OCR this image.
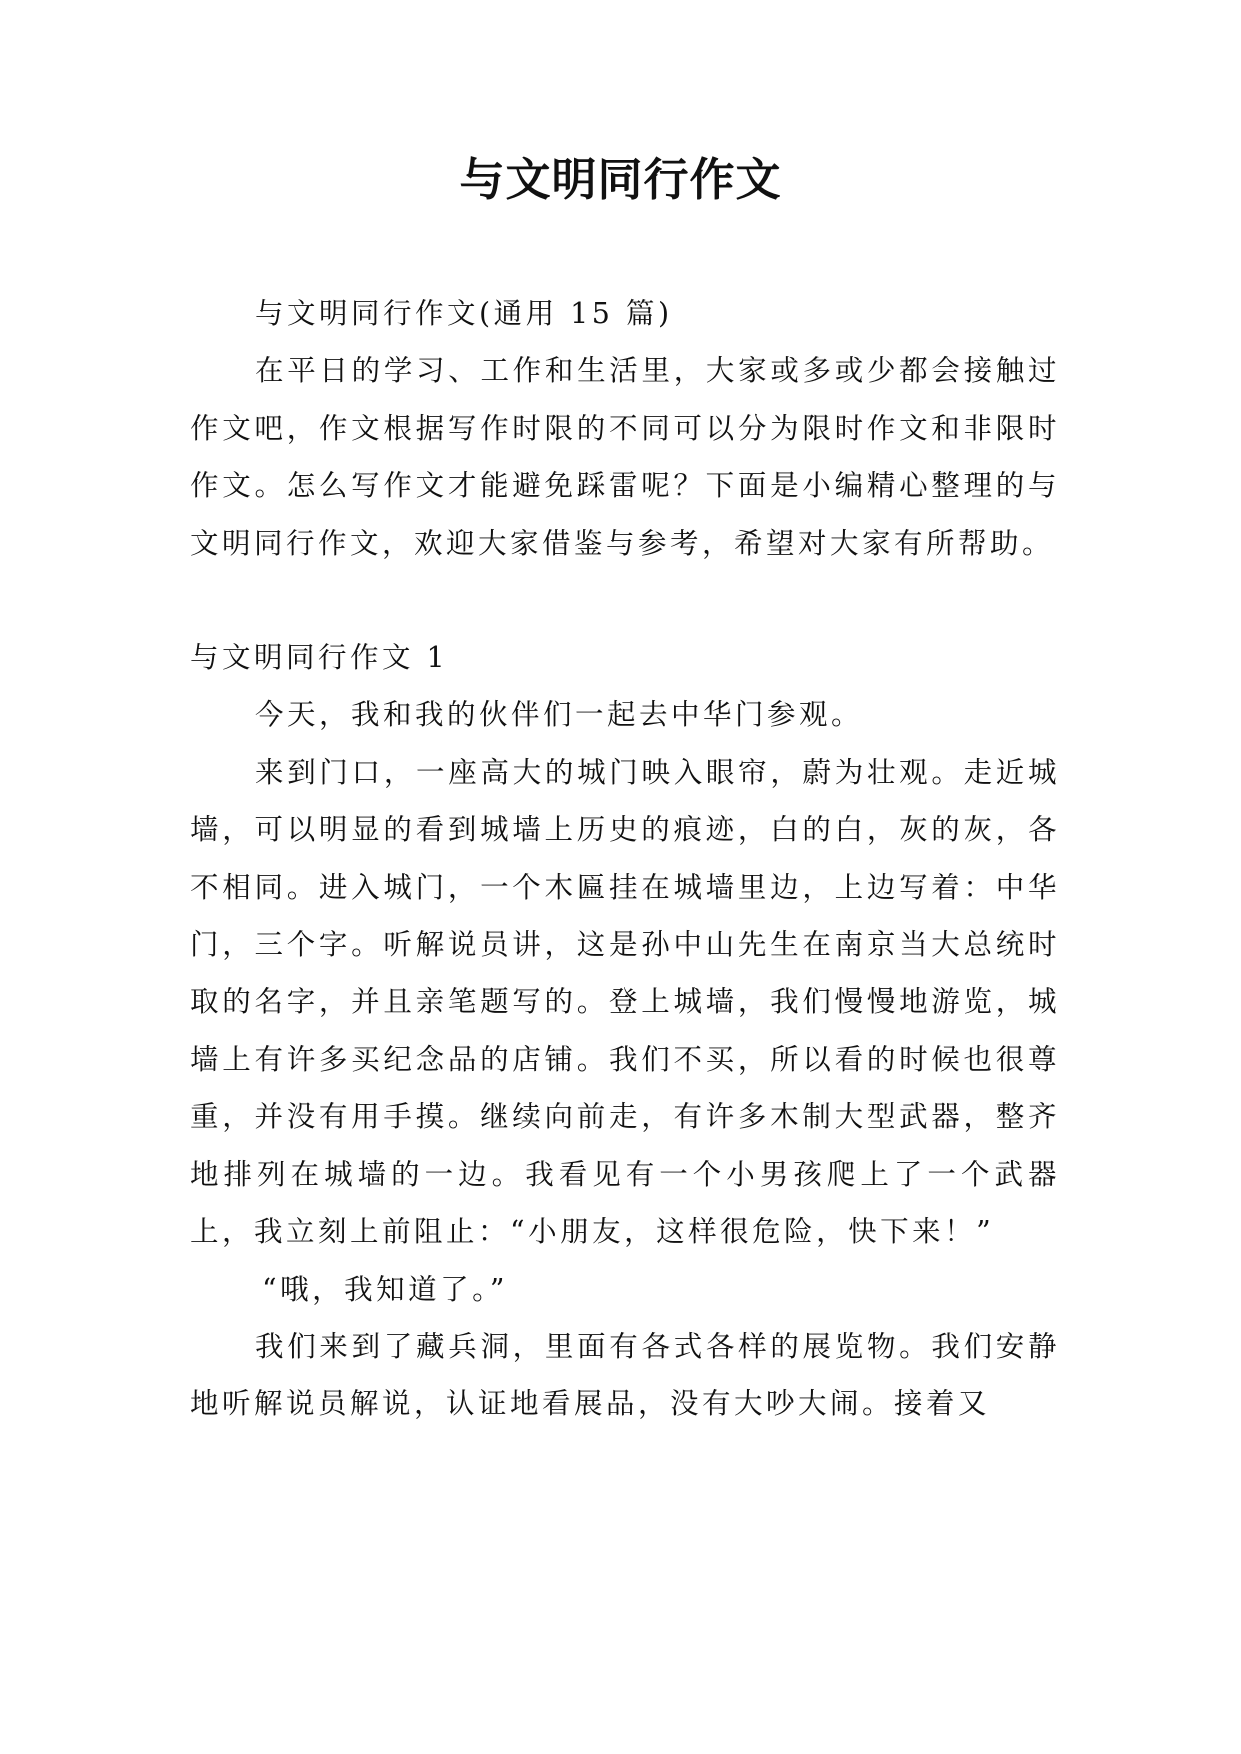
与文明同行作文

与文明同行作文(通用 15 篇)

在平日的学习、工作和生活里，大家或多或少都会接触过作文吧，作文根据写作时限的不同可以分为限时作文和非限时作文。怎么写作文才能避免踩雷呢？下面是小编精心整理的与文明同行作文，欢迎大家借鉴与参考，希望对大家有所帮助。

与文明同行作文 1

今天，我和我的伙伴们一起去中华门参观。

来到门口，一座高大的城门映入眼帘，蔚为壮观。走近城墙，可以明显的看到城墙上历史的痕迹，白的白，灰的灰，各不相同。进入城门，一个木匾挂在城墙里边，上边写着：中华门，三个字。听解说员讲，这是孙中山先生在南京当大总统时取的名字，并且亲笔题写的。登上城墙，我们慢慢地游览，城墙上有许多买纪念品的店铺。我们不买，所以看的时候也很尊重，并没有用手摸。继续向前走，有许多木制大型武器，整齐地排列在城墙的一边。我看见有一个小男孩爬上了一个武器上，我立刻上前阻止：“小朋友，这样很危险，快下来！”

“哦，我知道了。”

我们来到了藏兵洞，里面有各式各样的展览物。我们安静地听解说员解说，认证地看展品，没有大吵大闹。接着又
